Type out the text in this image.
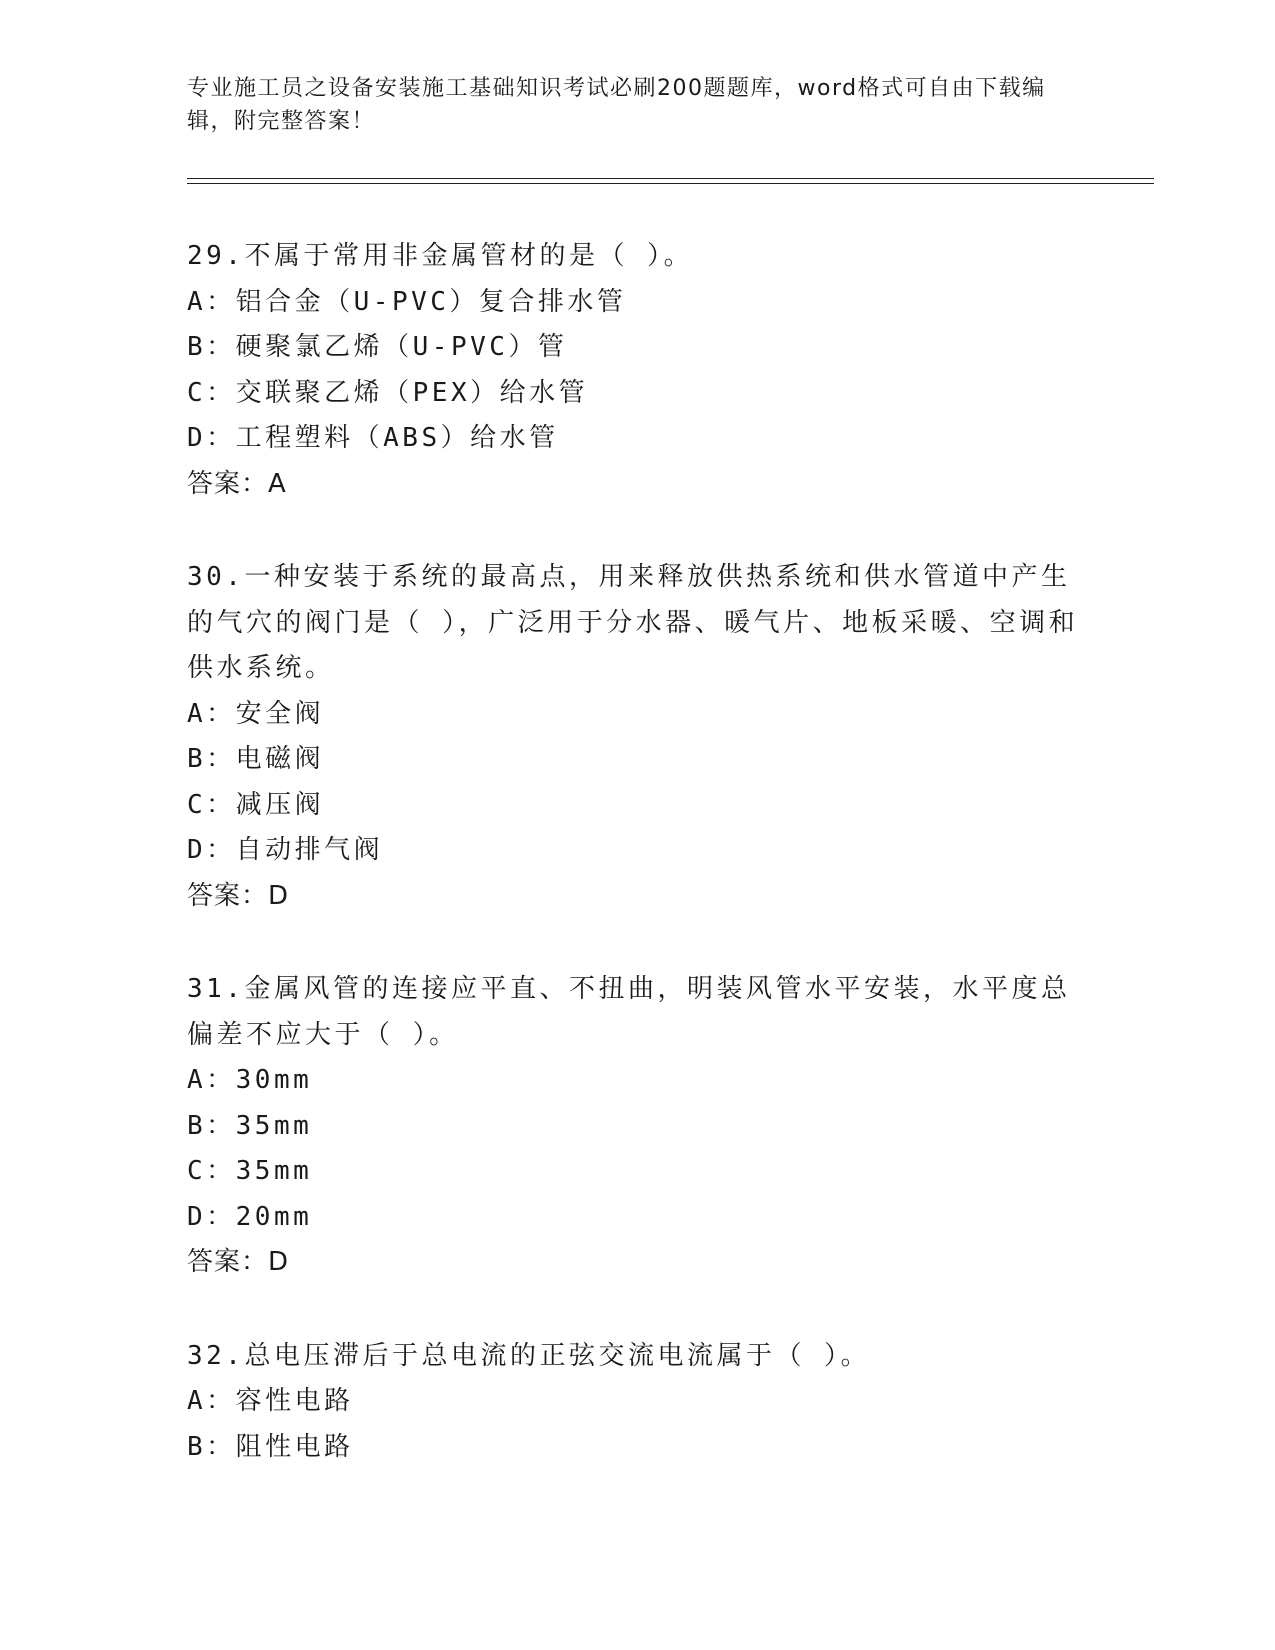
专业施工员之设备安装施工基础知识考试必刷200题题库，word格式可自由下载编辑，附完整答案！

29.不属于常用非金属管材的是（ ）。

A：铝合金（U-PVC）复合排水管

B：硬聚氯乙烯（U-PVC）管

C：交联聚乙烯（PEX）给水管

D：工程塑料（ABS）给水管

答案：A

30.一种安装于系统的最高点，用来释放供热系统和供水管道中产生的气穴的阀门是（ ），广泛用于分水器、暖气片、地板采暖、空调和供水系统。

A：安全阀

B：电磁阀

C：减压阀

D：自动排气阀

答案：D

31.金属风管的连接应平直、不扭曲，明装风管水平安装，水平度总偏差不应大于（ ）。

A：30mm

B：35mm

C：35mm

D：20mm

答案：D

32.总电压滞后于总电流的正弦交流电流属于（ ）。

A：容性电路

B：阻性电路
